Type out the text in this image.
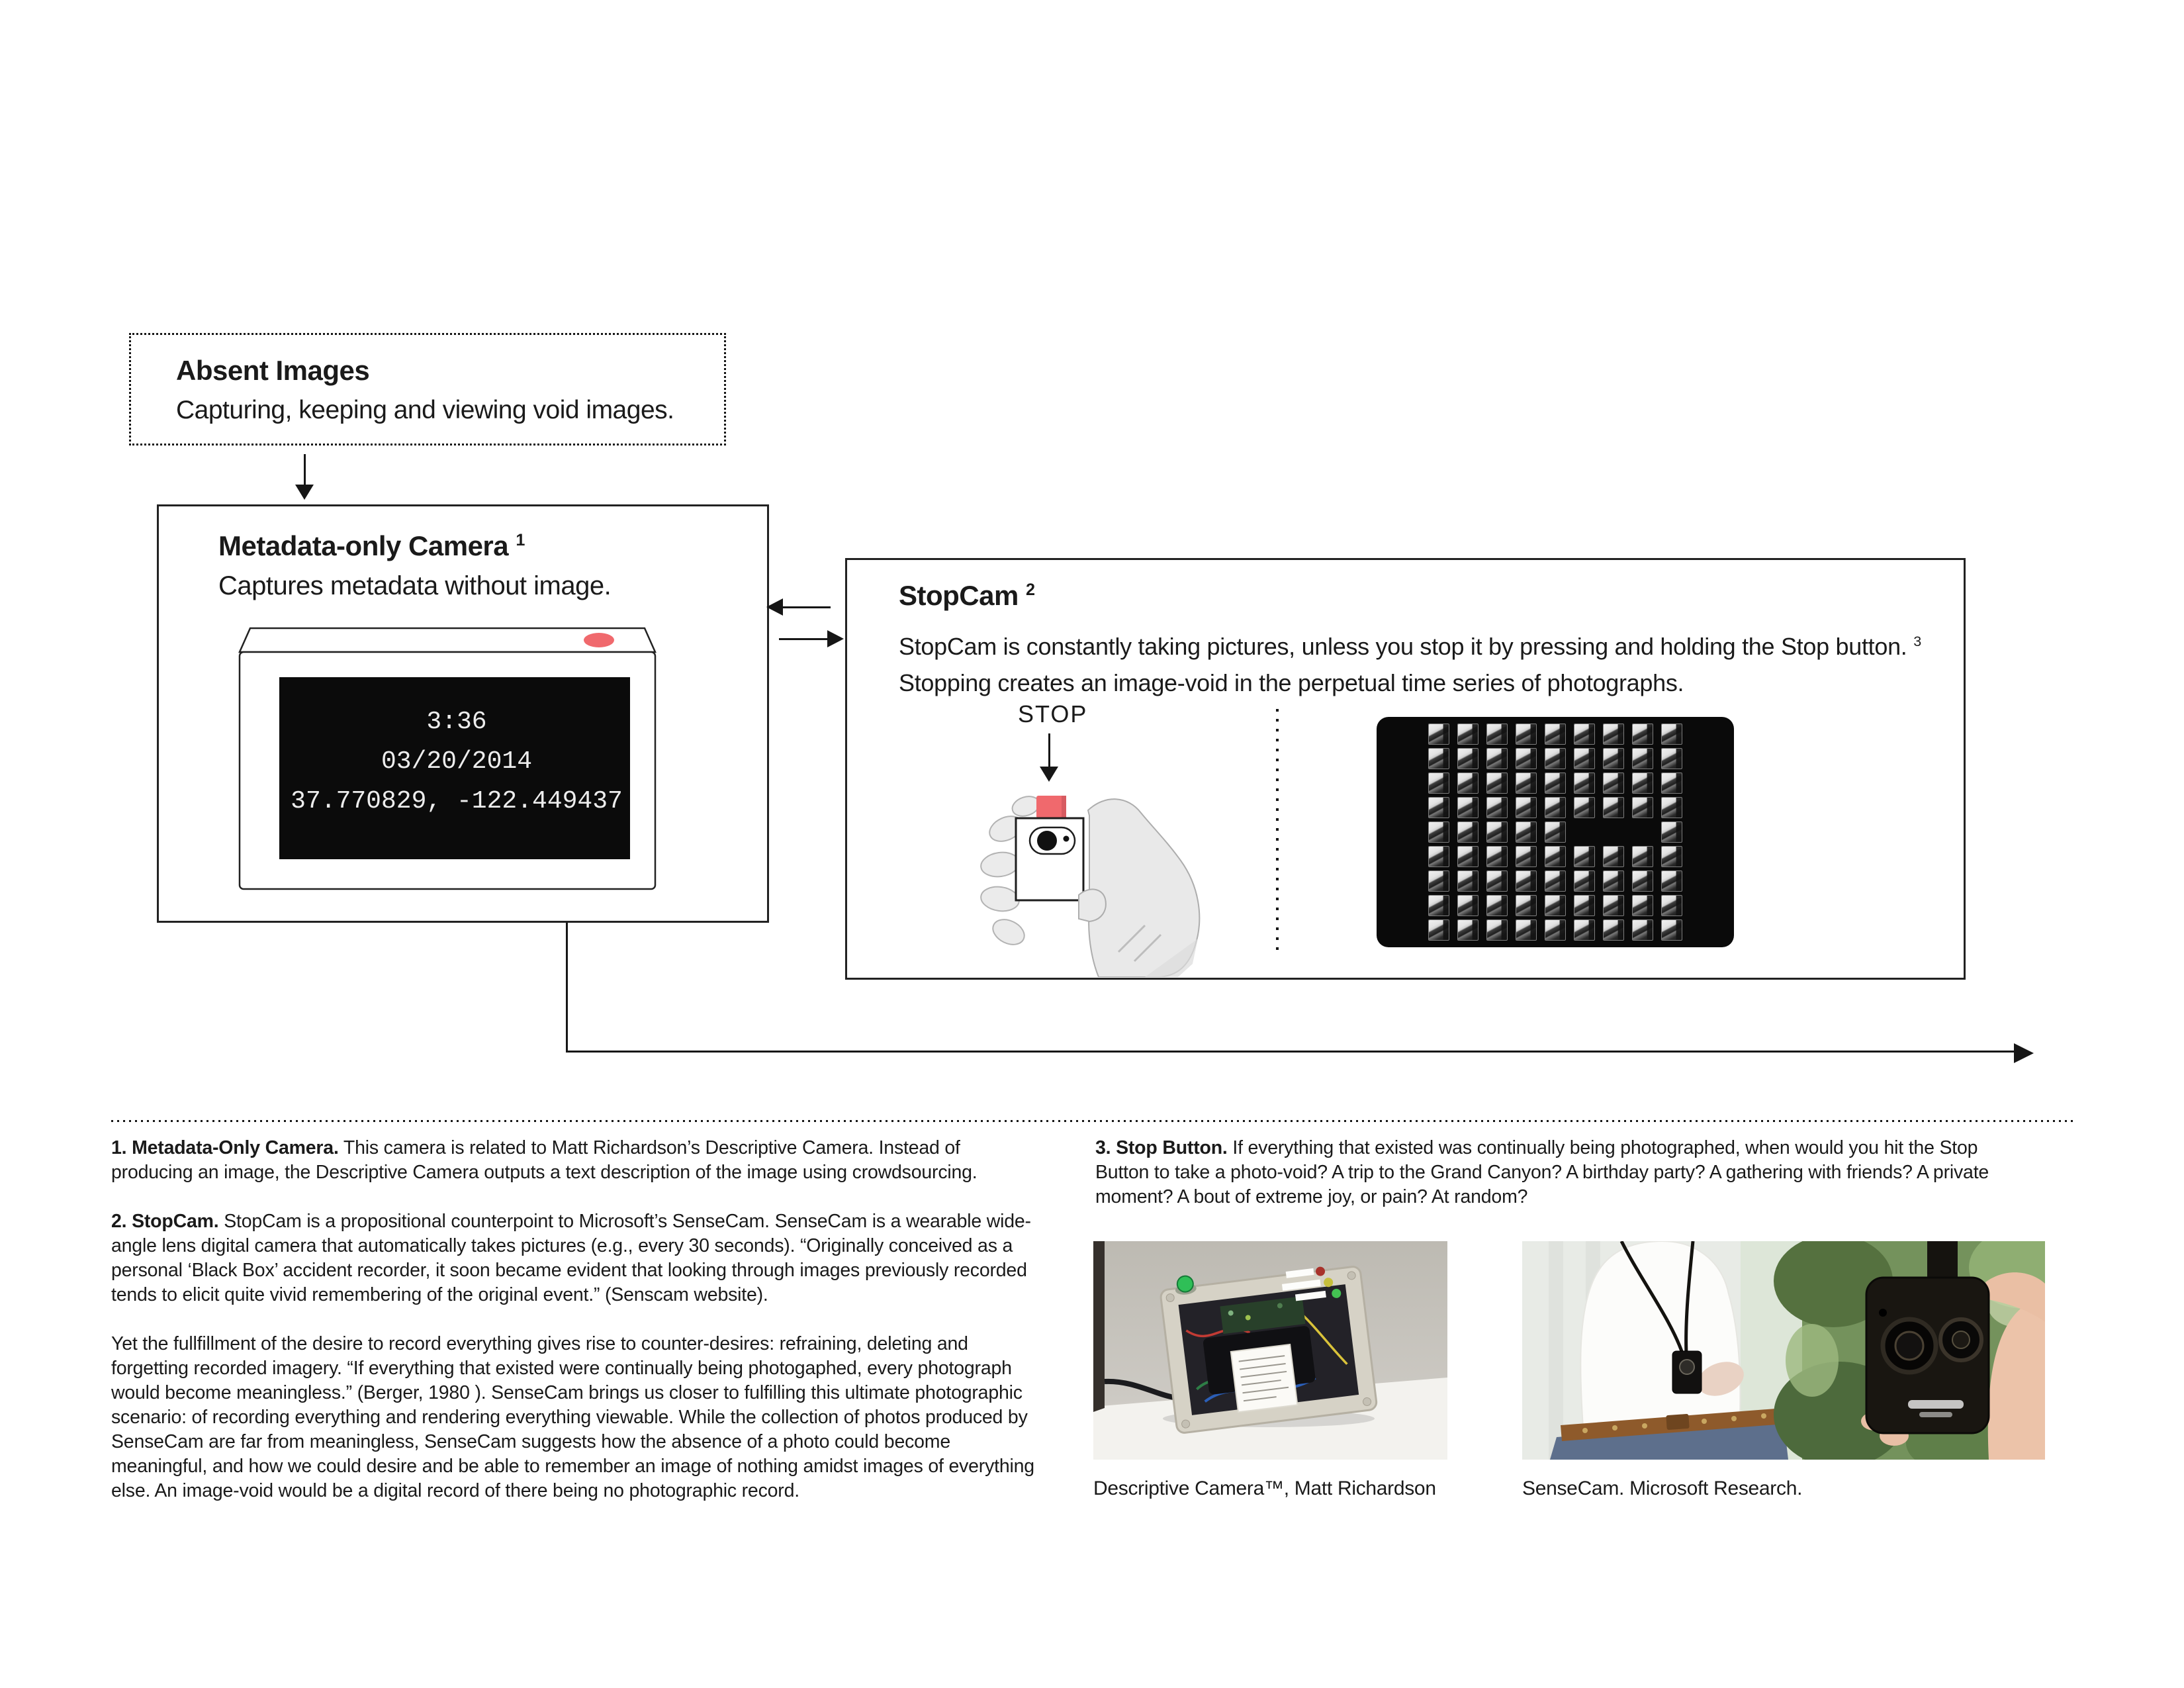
Absent Images
Capturing, keeping and viewing void images.
Metadata-only Camera $^1$
Captures metadata without image.
3:36
03/20/2014
37.770829, -122.449437
StopCam $^2$
StopCam is constantly taking pictures, unless you stop it by pressing and holding the Stop button. $^3$ Stopping creates an image-void in the perpetual time series of photographs.
STOP

1. Metadata-Only Camera. This camera is related to Matt Richardson’s Descriptive Camera. Instead of producing an image, the Descriptive Camera outputs a text description of the image using crowdsourcing.

2. StopCam. StopCam is a propositional counterpoint to Microsoft’s SenseCam. SenseCam is a wearable wide-angle lens digital camera that automatically takes pictures (e.g., every 30 seconds). “Originally conceived as a personal ‘Black Box’ accident recorder, it soon became evident that looking through images previously recorded tends to elicit quite vivid remembering of the original event.” (Senscam website).

Yet the fullfillment of the desire to record everything gives rise to counter-desires: refraining, deleting and forgetting recorded imagery. “If everything that existed were continually being photogaphed, every photograph would become meaningless.” (Berger, 1980 ). SenseCam brings us closer to fulfilling this ultimate photographic scenario: of recording everything and rendering everything viewable. While the collection of photos produced by SenseCam are far from meaningless, SenseCam suggests how the absence of a photo could become meaningful, and how we could desire and be able to remember an image of nothing amidst images of everything else. An image-void would be a digital record of there being no photographic record.

3. Stop Button. If everything that existed was continually being photographed, when would you hit the Stop Button to take a photo-void? A trip to the Grand Canyon? A birthday party? A gathering with friends? A private moment? A bout of extreme joy, or pain? At random?

Descriptive Camera™, Matt Richardson	SenseCam. Microsoft Research.
